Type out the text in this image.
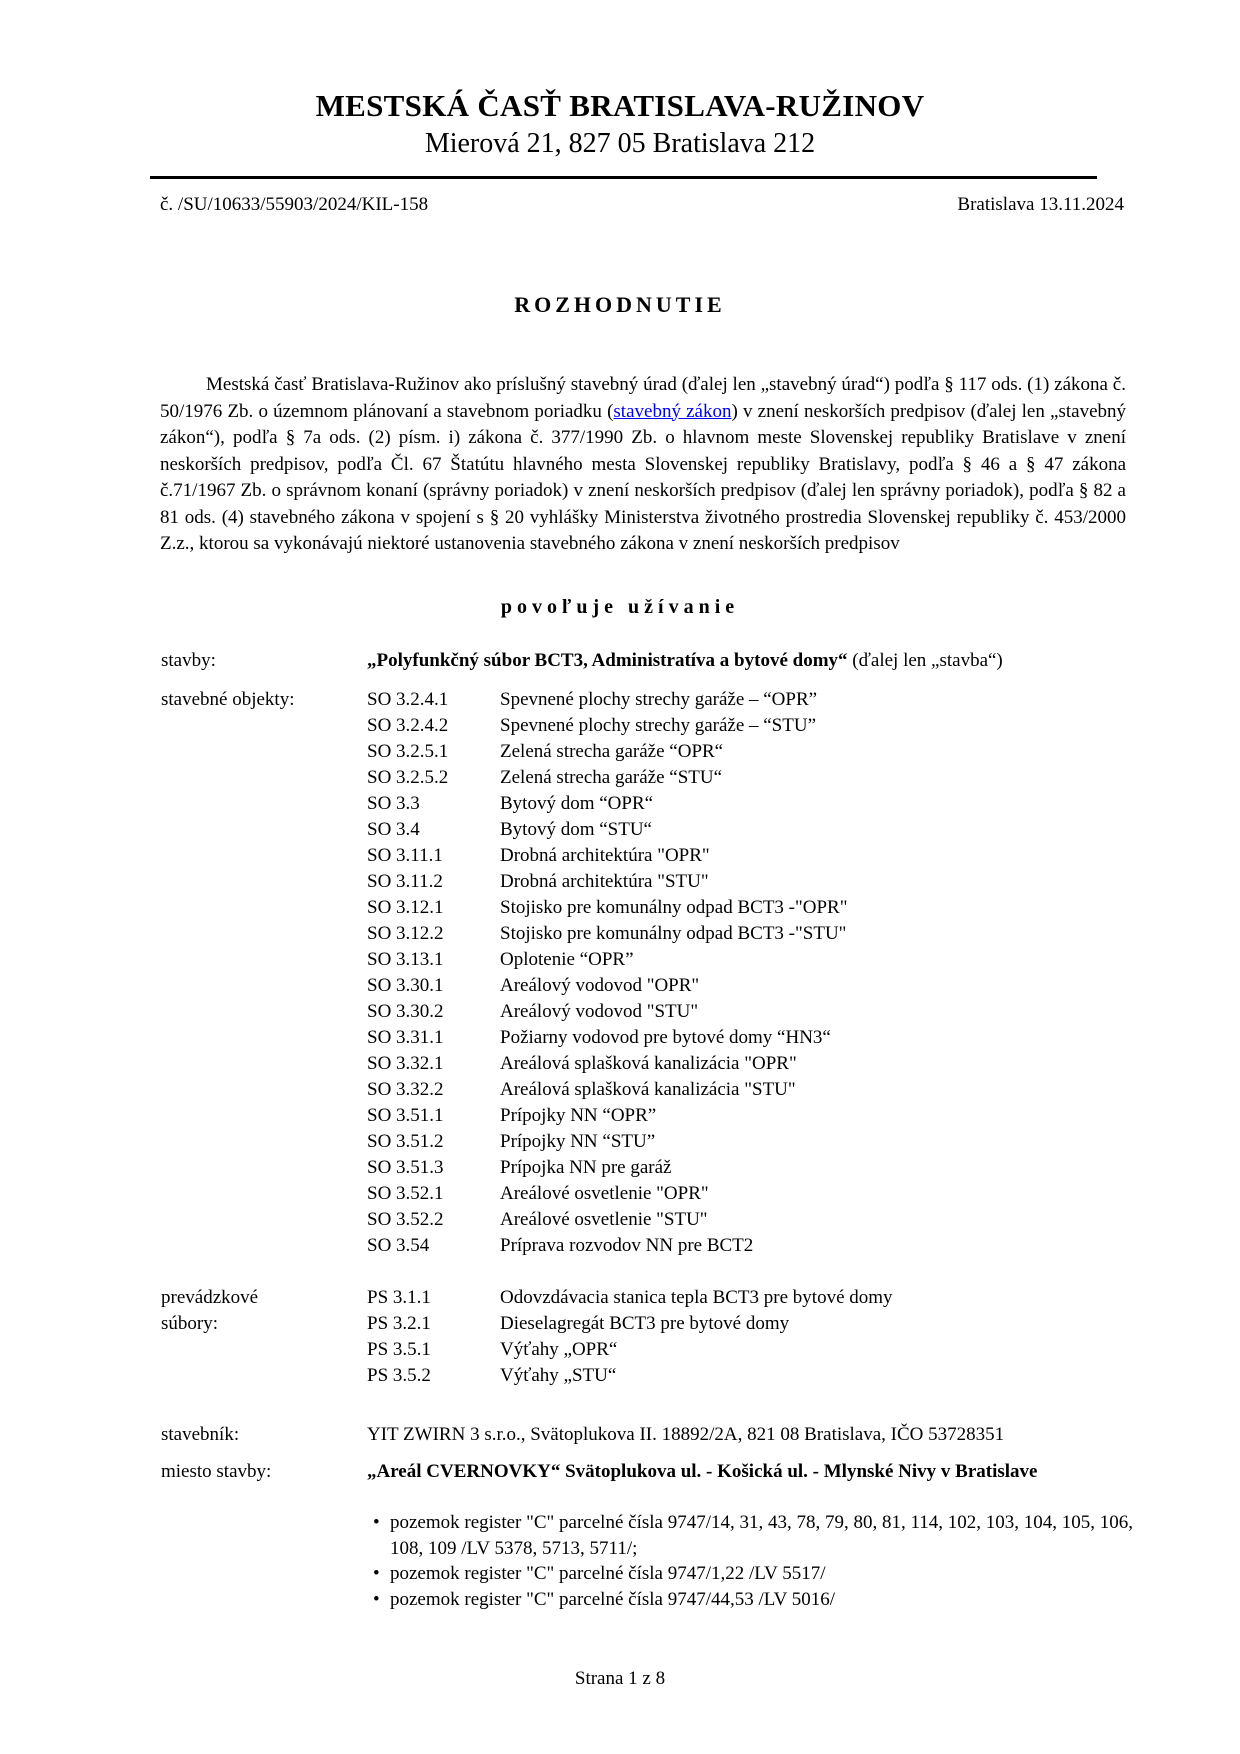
MESTSKÁ ČASŤ BRATISLAVA-RUŽINOV
Mierová 21, 827 05 Bratislava 212
č. /SU/10633/55903/2024/KIL-158	Bratislava 13.11.2024
ROZHODNUTIE

Mestská časť Bratislava-Ružinov ako príslušný stavebný úrad (ďalej len „stavebný úrad“) podľa § 117 ods. (1) zákona č. 50/1976 Zb. o územnom plánovaní a stavebnom poriadku (stavebný zákon) v znení neskorších predpisov (ďalej len „stavebný zákon“), podľa § 7a ods. (2) písm. i) zákona č. 377/1990 Zb. o hlavnom meste Slovenskej republiky Bratislave v znení neskorších predpisov, podľa Čl. 67 Štatútu hlavného mesta Slovenskej republiky Bratislavy, podľa § 46 a § 47 zákona č.71/1967 Zb. o správnom konaní (správny poriadok) v znení neskorších predpisov (ďalej len správny poriadok), podľa § 82 a 81 ods. (4) stavebného zákona v spojení s § 20 vyhlášky Ministerstva životného prostredia Slovenskej republiky č. 453/2000 Z.z., ktorou sa vykonávajú niektoré ustanovenia stavebného zákona v znení neskorších predpisov

povoľuje užívanie
stavby:	„Polyfunkčný súbor BCT3, Administratíva a bytové domy“ (ďalej len „stavba“)
stavebné objekty:	SO 3.2.4.1	Spevnené plochy strechy garáže – “OPR”
SO 3.2.4.2	Spevnené plochy strechy garáže – “STU”
SO 3.2.5.1	Zelená strecha garáže “OPR“
SO 3.2.5.2	Zelená strecha garáže “STU“
SO 3.3	Bytový dom “OPR“
SO 3.4	Bytový dom “STU“
SO 3.11.1	Drobná architektúra "OPR"
SO 3.11.2	Drobná architektúra "STU"
SO 3.12.1	Stojisko pre komunálny odpad BCT3 -"OPR"
SO 3.12.2	Stojisko pre komunálny odpad BCT3 -"STU"
SO 3.13.1	Oplotenie “OPR”
SO 3.30.1	Areálový vodovod "OPR"
SO 3.30.2	Areálový vodovod "STU"
SO 3.31.1	Požiarny vodovod pre bytové domy “HN3“
SO 3.32.1	Areálová splašková kanalizácia "OPR"
SO 3.32.2	Areálová splašková kanalizácia "STU"
SO 3.51.1	Prípojky NN “OPR”
SO 3.51.2	Prípojky NN “STU”
SO 3.51.3	Prípojka NN pre garáž
SO 3.52.1	Areálové osvetlenie "OPR"
SO 3.52.2	Areálové osvetlenie "STU"
SO 3.54	Príprava rozvodov NN pre BCT2
prevádzkové
súbory:
PS 3.1.1	Odovzdávacia stanica tepla BCT3 pre bytové domy
PS 3.2.1	Dieselagregát BCT3 pre bytové domy
PS 3.5.1	Výťahy „OPR“
PS 3.5.2	Výťahy „STU“
stavebník:	YIT ZWIRN 3 s.r.o., Svätoplukova II. 18892/2A, 821 08 Bratislava, IČO 53728351
miesto stavby:	„Areál CVERNOVKY“ Svätoplukova ul. - Košická ul. - Mlynské Nivy v Bratislave
• pozemok register "C" parcelné čísla 9747/14, 31, 43, 78, 79, 80, 81, 114, 102, 103, 104, 105, 106, 108, 109 /LV 5378, 5713, 5711/;
• pozemok register "C" parcelné čísla 9747/1,22 /LV 5517/
• pozemok register "C" parcelné čísla 9747/44,53 /LV 5016/
Strana 1 z 8
